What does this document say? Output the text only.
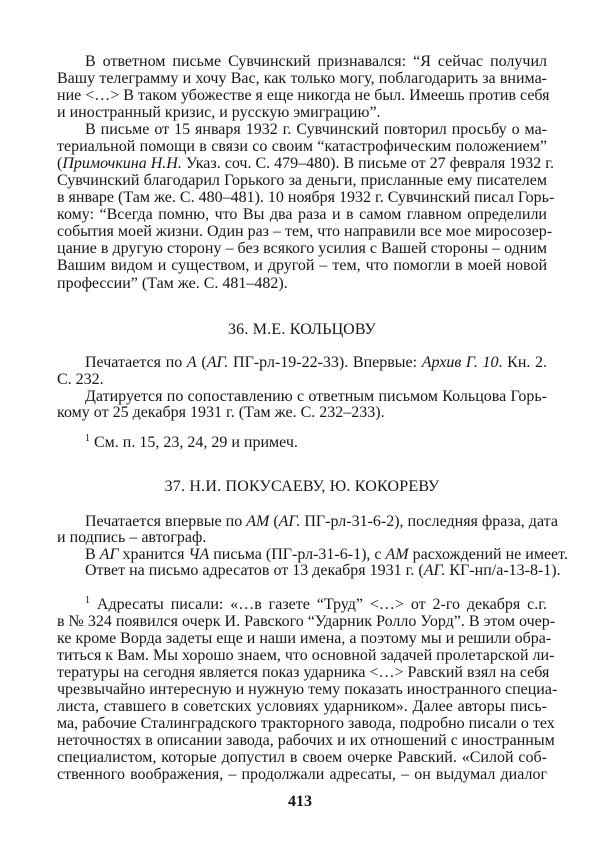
В ответном письме Сувчинский признавался: “Я сейчас получил
Вашу телеграмму и хочу Вас, как только могу, поблагодарить за внима-
ние <…> В таком убожестве я еще никогда не был. Имеешь против себя
и иностранный кризис, и русскую эмиграцию”.
В письме от 15 января 1932 г. Сувчинский повторил просьбу о ма-
териальной помощи в связи со своим “катастрофическим положением”
(Примочкина Н.Н. Указ. соч. С. 479–480). В письме от 27 февраля 1932 г.
Сувчинский благодарил Горького за деньги, присланные ему писателем
в январе (Там же. С. 480–481). 10 ноября 1932 г. Сувчинский писал Горь-
кому: “Всегда помню, что Вы два раза и в самом главном определили
события моей жизни. Один раз – тем, что направили все мое миросозер-
цание в другую сторону – без всякого усилия с Вашей стороны – одним
Вашим видом и существом, и другой – тем, что помогли в моей новой
профессии” (Там же. С. 481–482).
36. М.Е. КОЛЬЦОВУ
Печатается по А (АГ. ПГ-рл-19-22-33). Впервые: Архив Г. 10. Кн. 2.
С. 232.
Датируется по сопоставлению с ответным письмом Кольцова Горь-
кому от 25 декабря 1931 г. (Там же. С. 232–233).
$^1$ См. п. 15, 23, 24, 29 и примеч.
37. Н.И. ПОКУСАЕВУ, Ю. КОКОРЕВУ
Печатается впервые по АМ (АГ. ПГ-рл-31-6-2), последняя фраза, дата
и подпись – автограф.
В АГ хранится ЧА письма (ПГ-рл-31-6-1), с АМ расхождений не имеет.
Ответ на письмо адресатов от 13 декабря 1931 г. (АГ. КГ-нп/а-13-8-1).
$^1$ Адресаты писали: «…в газете “Труд” <…> от 2-го декабря с.г.
в № 324 появился очерк И. Равского “Ударник Ролло Уорд”. В этом очер-
ке кроме Ворда задеты еще и наши имена, а поэтому мы и решили обра-
титься к Вам. Мы хорошо знаем, что основной задачей пролетарской ли-
тературы на сегодня является показ ударника <…> Равский взял на себя
чрезвычайно интересную и нужную тему показать иностранного специа-
листа, ставшего в советских условиях ударником». Далее авторы пись-
ма, рабочие Сталинградского тракторного завода, подробно писали о тех
неточностях в описании завода, рабочих и их отношений с иностранным
специалистом, которые допустил в своем очерке Равский. «Силой соб-
ственного воображения, – продолжали адресаты, – он выдумал диалог
413
